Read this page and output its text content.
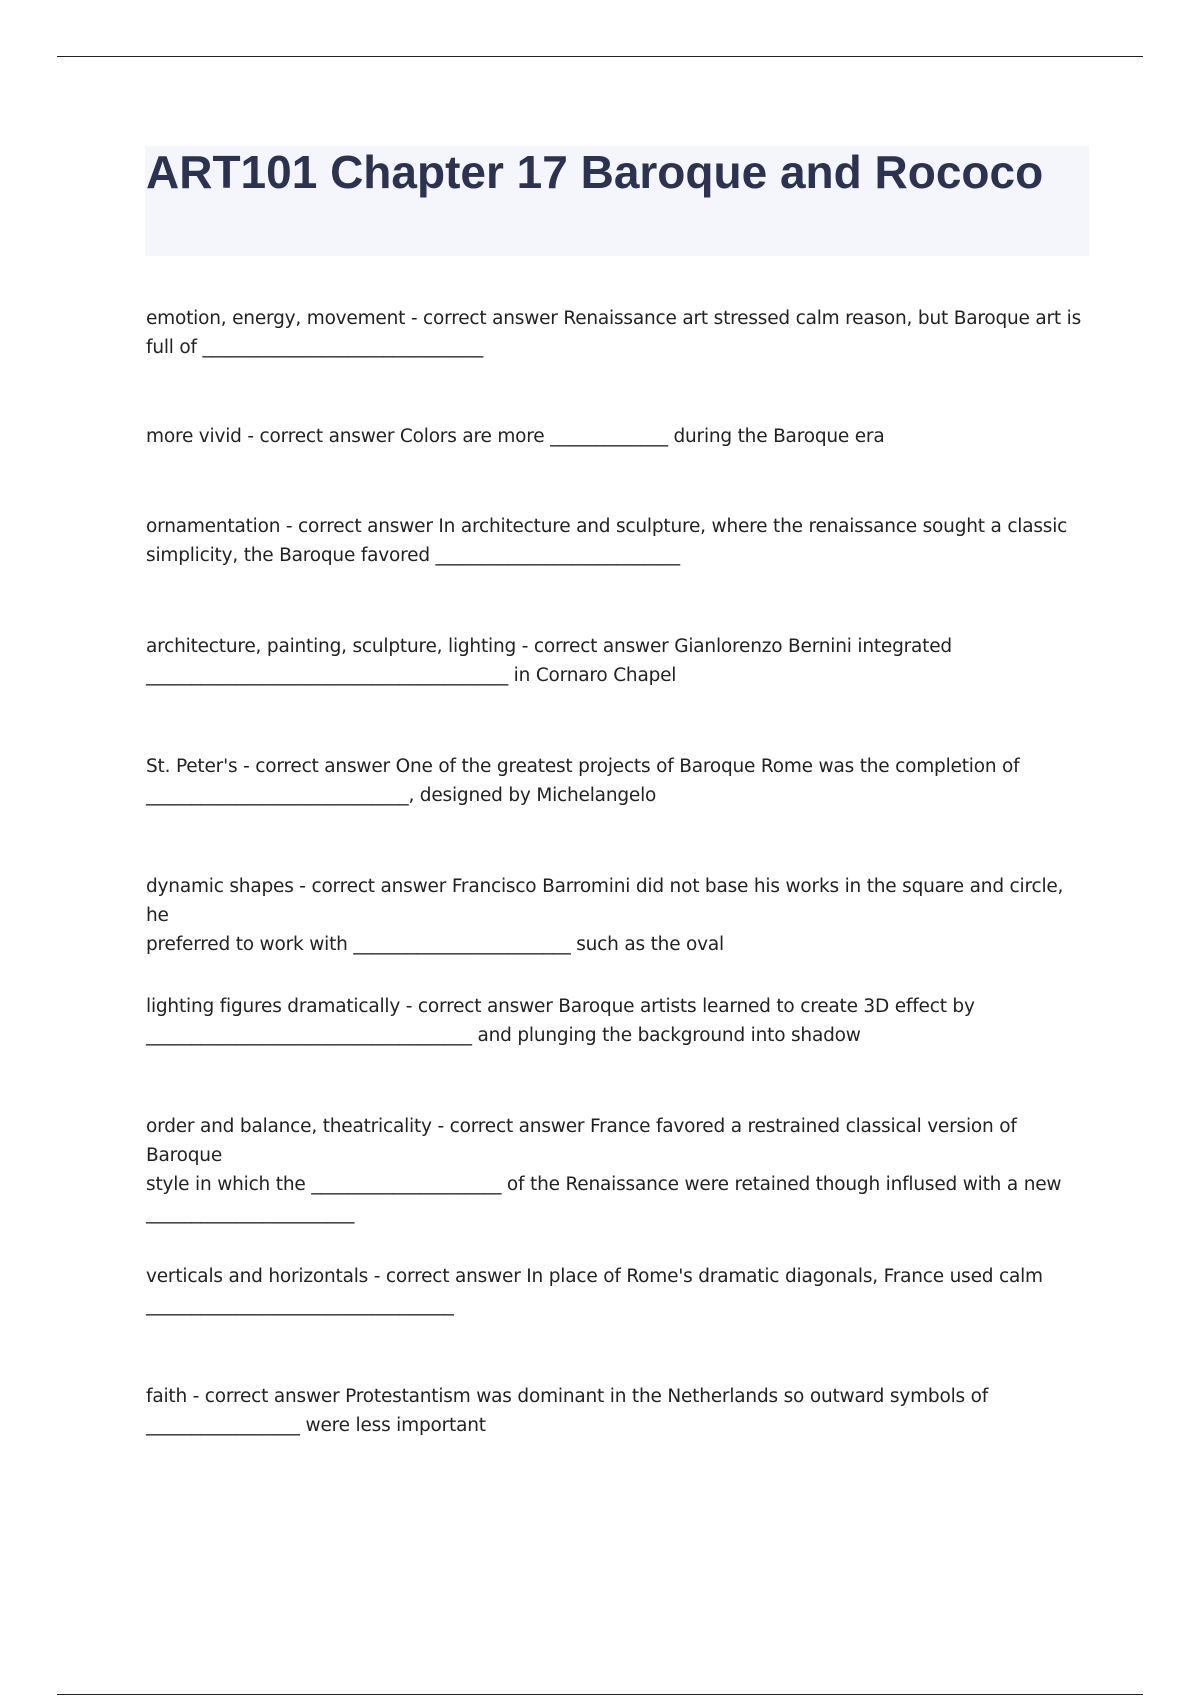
ART101 Chapter 17 Baroque and Rococo
emotion, energy, movement - correct answer Renaissance art stressed calm reason, but Baroque art is
full of _______________________________
more vivid - correct answer Colors are more _____________ during the Baroque era
ornamentation - correct answer In architecture and sculpture, where the renaissance sought a classic
simplicity, the Baroque favored ___________________________
architecture, painting, sculpture, lighting - correct answer Gianlorenzo Bernini integrated
________________________________________ in Cornaro Chapel
St. Peter's - correct answer One of the greatest projects of Baroque Rome was the completion of
_____________________________, designed by Michelangelo
dynamic shapes - correct answer Francisco Barromini did not base his works in the square and circle, he
preferred to work with ________________________ such as the oval
lighting figures dramatically - correct answer Baroque artists learned to create 3D effect by
____________________________________ and plunging the background into shadow
order and balance, theatricality - correct answer France favored a restrained classical version of Baroque
style in which the _____________________ of the Renaissance were retained though inflused with a new
_______________________
verticals and horizontals - correct answer In place of Rome's dramatic diagonals, France used calm
__________________________________
faith - correct answer Protestantism was dominant in the Netherlands so outward symbols of
_________________ were less important
